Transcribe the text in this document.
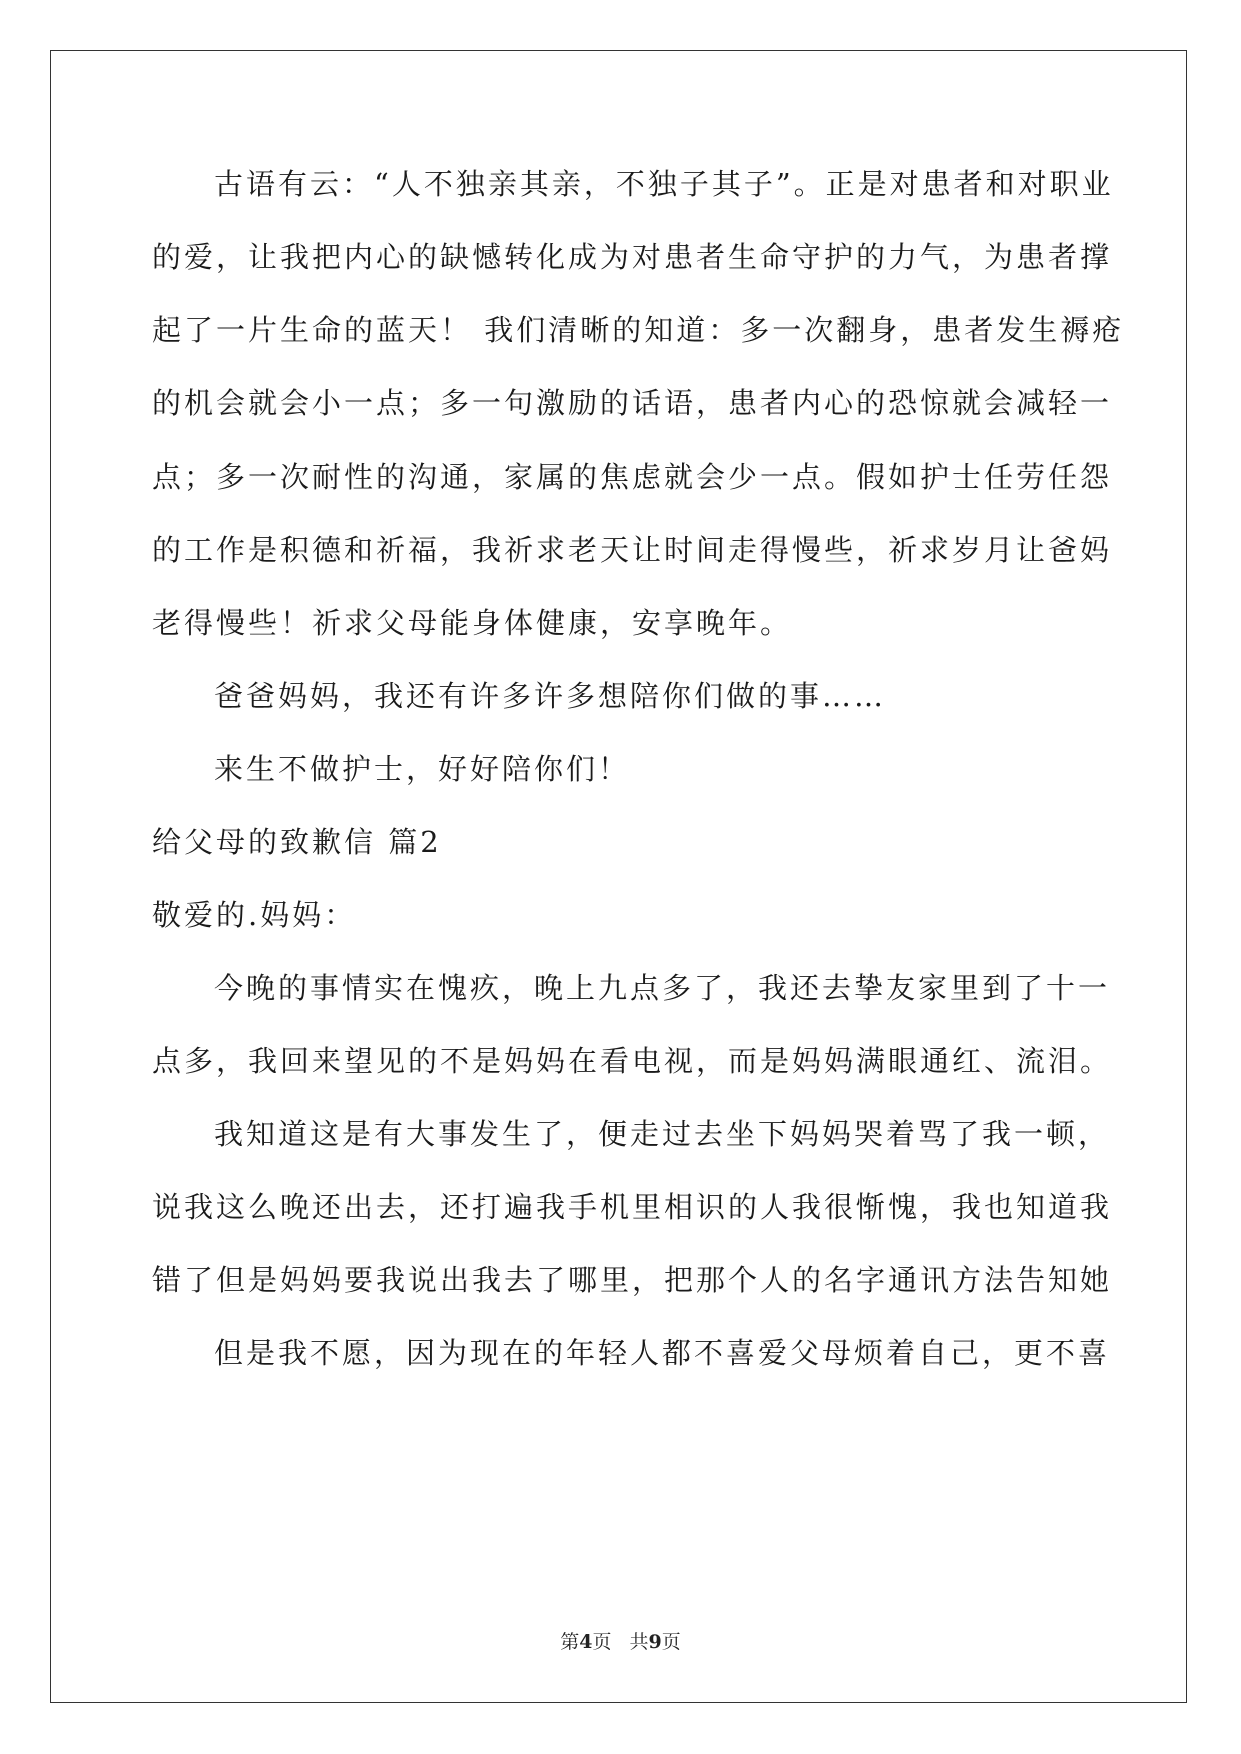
古语有云：“人不独亲其亲，不独子其子”。正是对患者和对职业
的爱，让我把内心的缺憾转化成为对患者生命守护的力气，为患者撑
起了一片生命的蓝天！ 我们清晰的知道：多一次翻身，患者发生褥疮
的机会就会小一点；多一句激励的话语，患者内心的恐惊就会减轻一
点；多一次耐性的沟通，家属的焦虑就会少一点。假如护士任劳任怨
的工作是积德和祈福，我祈求老天让时间走得慢些，祈求岁月让爸妈
老得慢些！祈求父母能身体健康，安享晚年。
爸爸妈妈，我还有许多许多想陪你们做的事……
来生不做护士，好好陪你们！
给父母的致歉信 篇2
敬爱的.妈妈：
今晚的事情实在愧疚，晚上九点多了，我还去挚友家里到了十一
点多，我回来望见的不是妈妈在看电视，而是妈妈满眼通红、流泪。
我知道这是有大事发生了，便走过去坐下妈妈哭着骂了我一顿，
说我这么晚还出去，还打遍我手机里相识的人我很惭愧，我也知道我
错了但是妈妈要我说出我去了哪里，把那个人的名字通讯方法告知她
但是我不愿，因为现在的年轻人都不喜爱父母烦着自己，更不喜
第4页 共9页
